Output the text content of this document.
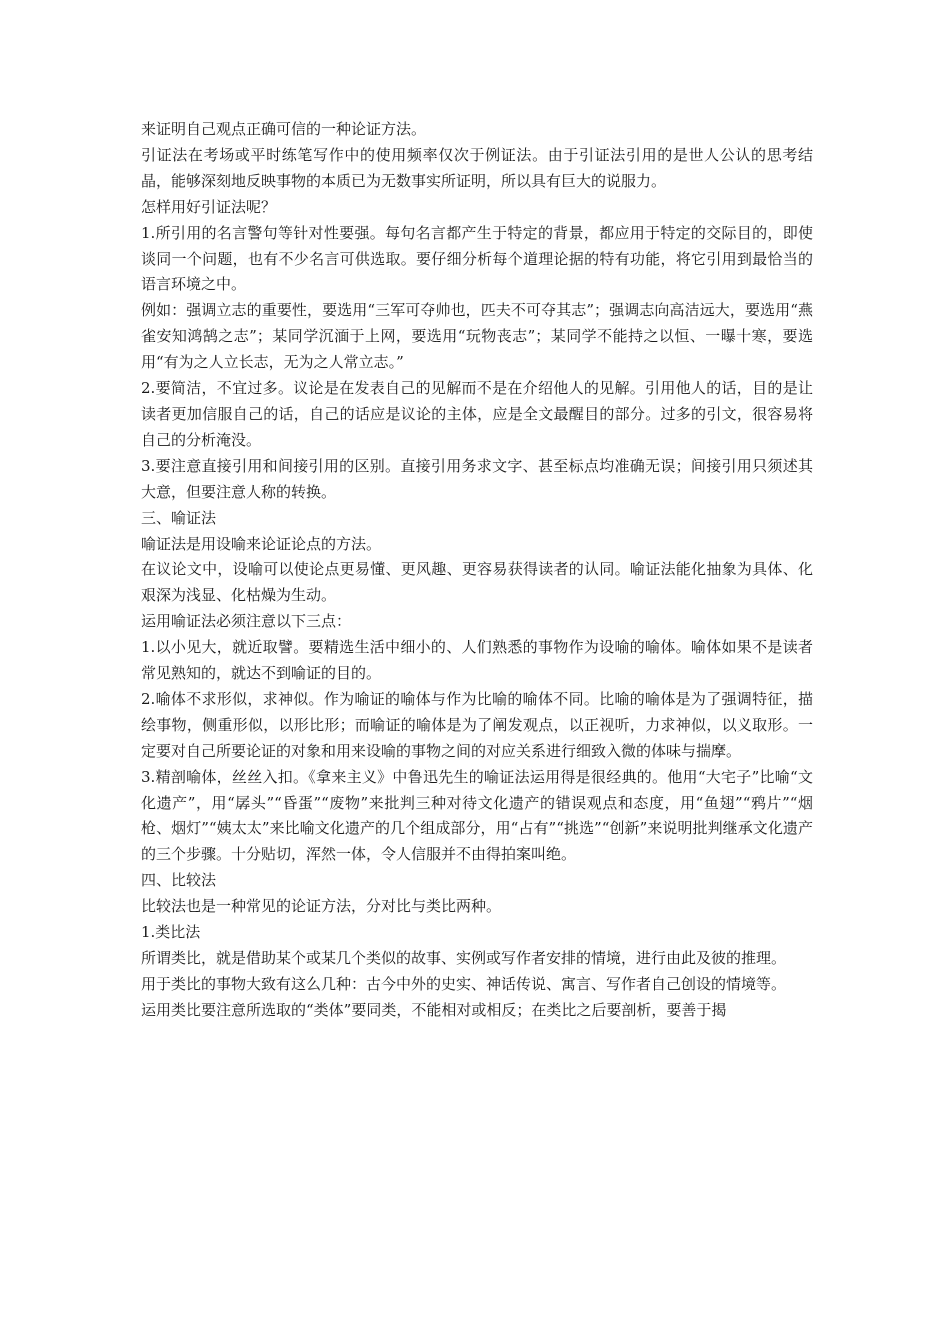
来证明自己观点正确可信的一种论证方法。

引证法在考场或平时练笔写作中的使用频率仅次于例证法。由于引证法引用的是世人公认的思考结晶，能够深刻地反映事物的本质已为无数事实所证明，所以具有巨大的说服力。

怎样用好引证法呢？

1.所引用的名言警句等针对性要强。每句名言都产生于特定的背景，都应用于特定的交际目的，即使谈同一个问题，也有不少名言可供选取。要仔细分析每个道理论据的特有功能，将它引用到最恰当的语言环境之中。

例如：强调立志的重要性，要选用“三军可夺帅也，匹夫不可夺其志”；强调志向高洁远大，要选用“燕雀安知鸿鹄之志”；某同学沉湎于上网，要选用“玩物丧志”；某同学不能持之以恒、一曝十寒，要选用“有为之人立长志，无为之人常立志。”

2.要简洁，不宜过多。议论是在发表自己的见解而不是在介绍他人的见解。引用他人的话，目的是让读者更加信服自己的话，自己的话应是议论的主体，应是全文最醒目的部分。过多的引文，很容易将自己的分析淹没。

3.要注意直接引用和间接引用的区别。直接引用务求文字、甚至标点均准确无误；间接引用只须述其大意，但要注意人称的转换。

三、喻证法

喻证法是用设喻来论证论点的方法。

在议论文中，设喻可以使论点更易懂、更风趣、更容易获得读者的认同。喻证法能化抽象为具体、化艰深为浅显、化枯燥为生动。

运用喻证法必须注意以下三点：

1.以小见大，就近取譬。要精选生活中细小的、人们熟悉的事物作为设喻的喻体。喻体如果不是读者常见熟知的，就达不到喻证的目的。

2.喻体不求形似，求神似。作为喻证的喻体与作为比喻的喻体不同。比喻的喻体是为了强调特征，描绘事物，侧重形似，以形比形；而喻证的喻体是为了阐发观点，以正视听，力求神似，以义取形。一定要对自己所要论证的对象和用来设喻的事物之间的对应关系进行细致入微的体味与揣摩。

3.精剖喻体，丝丝入扣。《拿来主义》中鲁迅先生的喻证法运用得是很经典的。他用“大宅子”比喻“文化遗产”，用“孱头”“昏蛋”“废物”来批判三种对待文化遗产的错误观点和态度，用“鱼翅”“鸦片”“烟枪、烟灯”“姨太太”来比喻文化遗产的几个组成部分，用“占有”“挑选”“创新”来说明批判继承文化遗产的三个步骤。十分贴切，浑然一体，令人信服并不由得拍案叫绝。

四、比较法

比较法也是一种常见的论证方法，分对比与类比两种。

1.类比法

所谓类比，就是借助某个或某几个类似的故事、实例或写作者安排的情境，进行由此及彼的推理。

用于类比的事物大致有这么几种：古今中外的史实、神话传说、寓言、写作者自己创设的情境等。

运用类比要注意所选取的“类体”要同类，不能相对或相反；在类比之后要剖析，要善于揭
